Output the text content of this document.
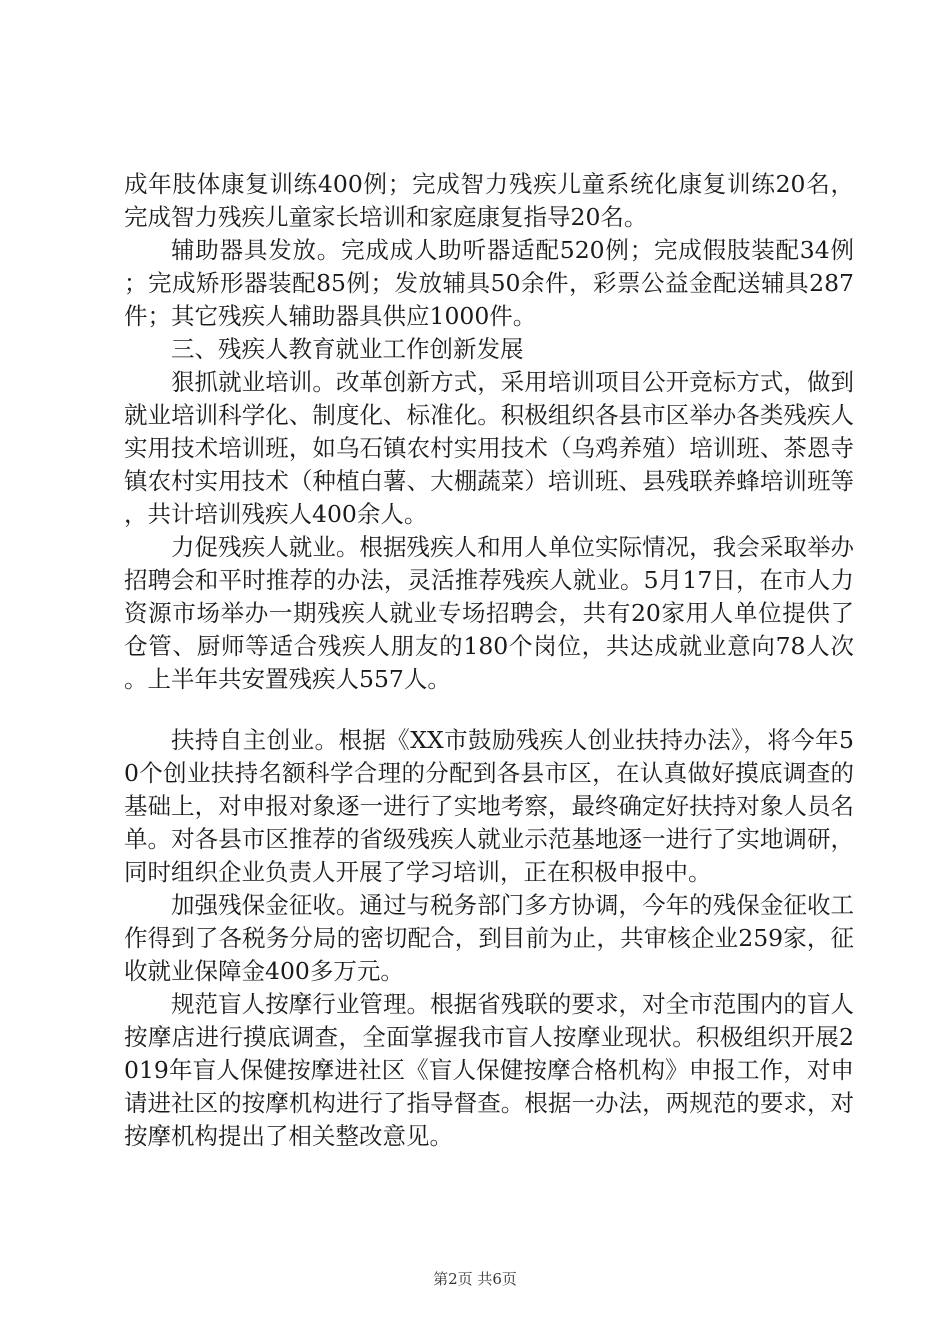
成年肢体康复训练400例；完成智力残疾儿童系统化康复训练20名，完成智力残疾儿童家长培训和家庭康复指导20名。

辅助器具发放。完成成人助听器适配520例；完成假肢装配34例；完成矫形器装配85例；发放辅具50余件，彩票公益金配送辅具287件；其它残疾人辅助器具供应1000件。

三、残疾人教育就业工作创新发展

狠抓就业培训。改革创新方式，采用培训项目公开竞标方式，做到就业培训科学化、制度化、标准化。积极组织各县市区举办各类残疾人实用技术培训班，如乌石镇农村实用技术（乌鸡养殖）培训班、茶恩寺镇农村实用技术（种植白薯、大棚蔬菜）培训班、县残联养蜂培训班等，共计培训残疾人400余人。

力促残疾人就业。根据残疾人和用人单位实际情况，我会采取举办招聘会和平时推荐的办法，灵活推荐残疾人就业。5月17日，在市人力资源市场举办一期残疾人就业专场招聘会，共有20家用人单位提供了仓管、厨师等适合残疾人朋友的180个岗位，共达成就业意向78人次。上半年共安置残疾人557人。

扶持自主创业。根据《XX市鼓励残疾人创业扶持办法》，将今年50个创业扶持名额科学合理的分配到各县市区，在认真做好摸底调查的基础上，对申报对象逐一进行了实地考察，最终确定好扶持对象人员名单。对各县市区推荐的省级残疾人就业示范基地逐一进行了实地调研，同时组织企业负责人开展了学习培训，正在积极申报中。

加强残保金征收。通过与税务部门多方协调，今年的残保金征收工作得到了各税务分局的密切配合，到目前为止，共审核企业259家，征收就业保障金400多万元。

规范盲人按摩行业管理。根据省残联的要求，对全市范围内的盲人按摩店进行摸底调查，全面掌握我市盲人按摩业现状。积极组织开展2019年盲人保健按摩进社区《盲人保健按摩合格机构》申报工作，对申请进社区的按摩机构进行了指导督查。根据一办法，两规范的要求，对按摩机构提出了相关整改意见。

第2页 共6页
